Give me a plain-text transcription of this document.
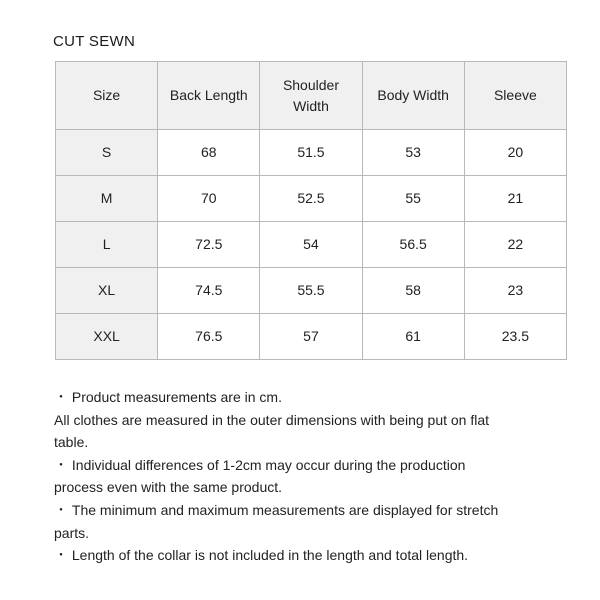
CUT SEWN
Size	Back Length	Shoulder Width	Body Width	Sleeve
S	68	51.5	53	20
M	70	52.5	55	21
L	72.5	54	56.5	22
XL	74.5	55.5	58	23
XXL	76.5	57	61	23.5

・ Product measurements are in cm.

All clothes are measured in the outer dimensions with being put on flat

table.

・ Individual differences of 1-2cm may occur during the production

process even with the same product.

・ The minimum and maximum measurements are displayed for stretch

parts.

・ Length of the collar is not included in the length and total length.
